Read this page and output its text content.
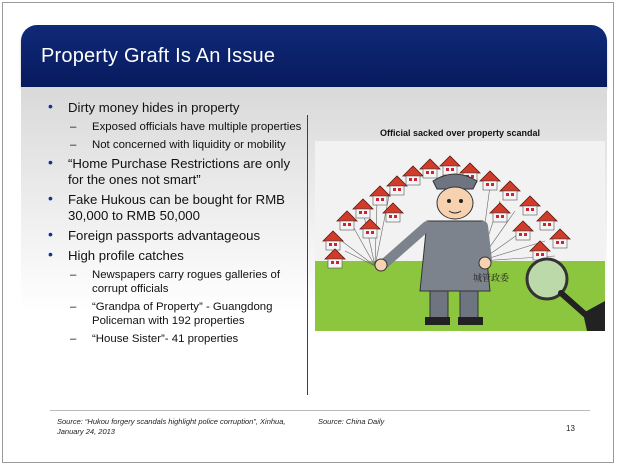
Property Graft Is An Issue
• Dirty money hides in property
– Exposed officials have multiple properties
– Not concerned with liquidity or mobility
• “Home Purchase Restrictions are only for the ones not smart”
• Fake Hukous can be bought for RMB 30,000 to RMB 50,000
• Foreign passports advantageous
• High profile catches
– Newspapers carry rogues galleries of corrupt officials
– “Grandpa of Property” - Guangdong Policeman with 192 properties
– “House Sister”- 41 properties
Official sacked over property scandal
城管政委
Source: “Hukou forgery scandals highlight police corruption”, Xinhua, January 24, 2013
Source: China Daily
13
